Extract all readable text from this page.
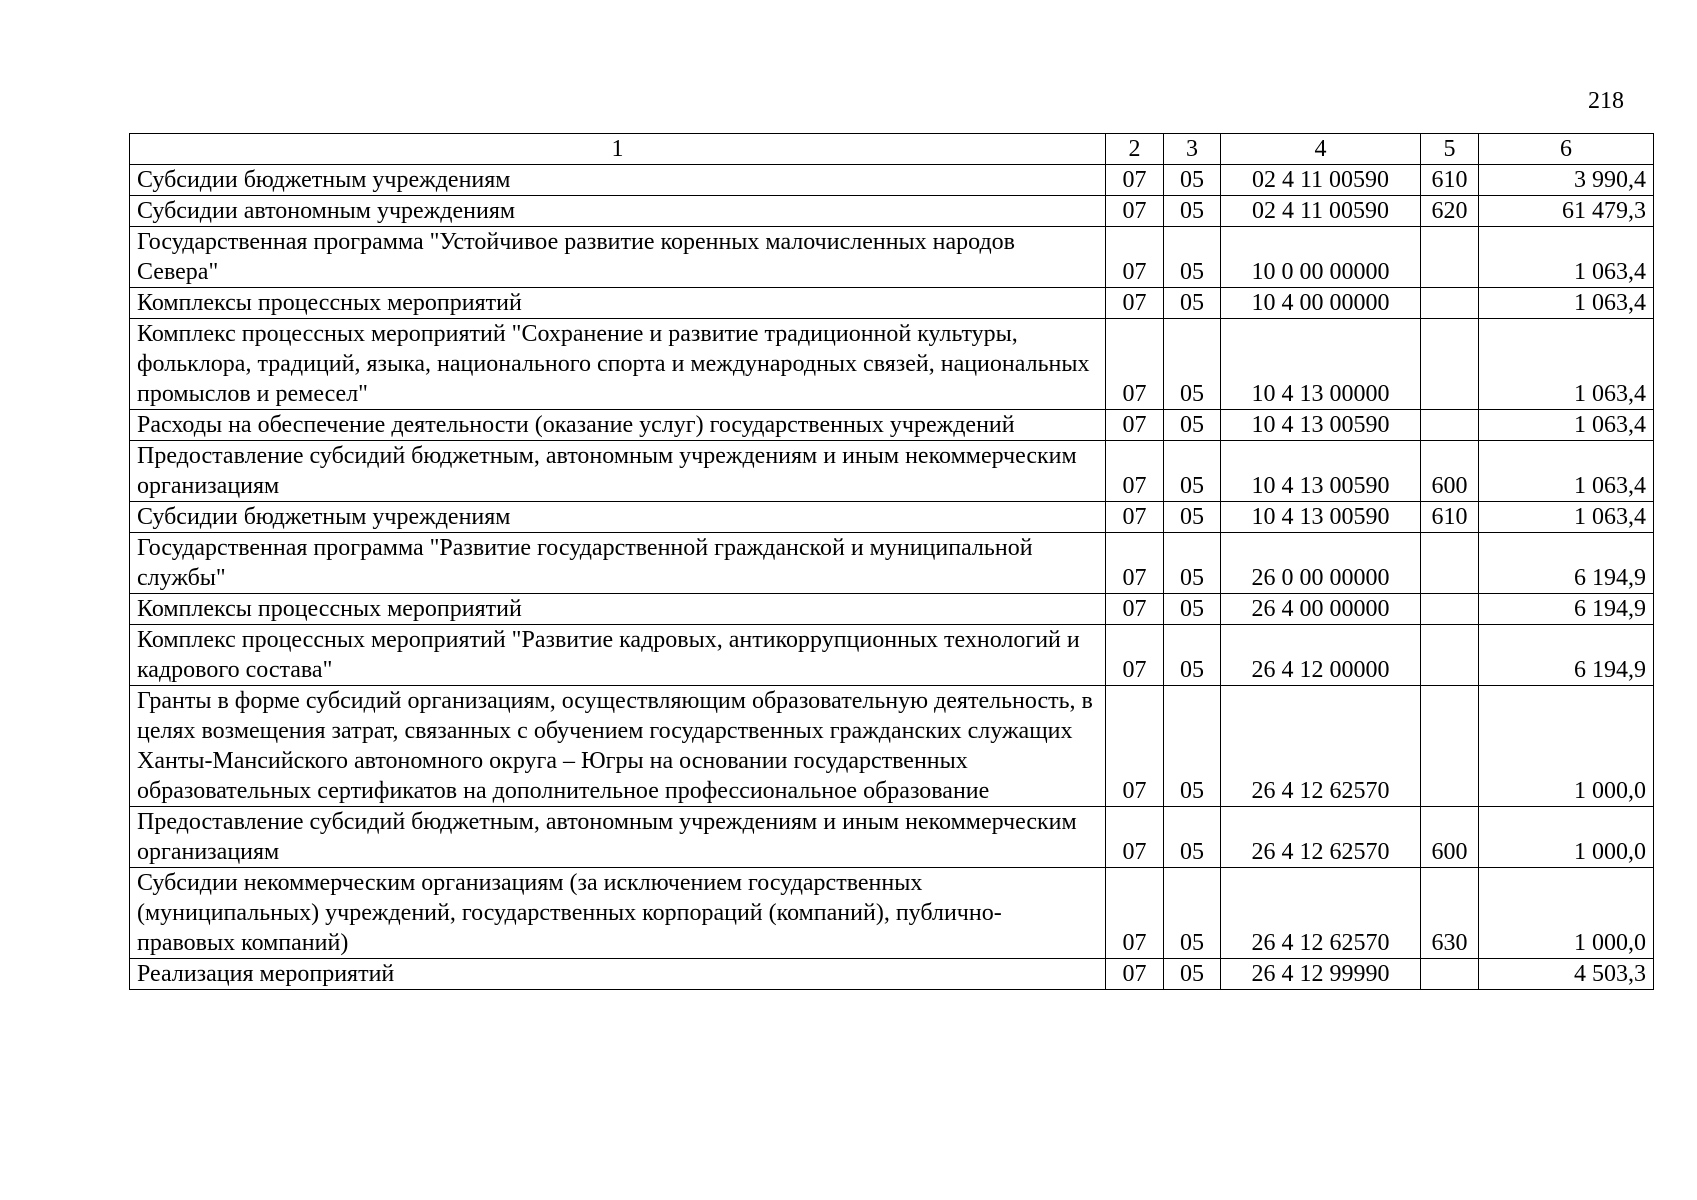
218
1	2	3	4	5	6
Субсидии бюджетным учреждениям	07	05	02 4 11 00590	610	3 990,4
Субсидии автономным учреждениям	07	05	02 4 11 00590	620	61 479,3
Государственная программа "Устойчивое развитие коренных малочисленных народов Севера"	07	05	10 0 00 00000		1 063,4
Комплексы процессных мероприятий	07	05	10 4 00 00000		1 063,4
Комплекс процессных мероприятий "Сохранение и развитие традиционной культуры, фольклора, традиций, языка, национального спорта и международных связей, национальных промыслов и ремесел"	07	05	10 4 13 00000		1 063,4
Расходы на обеспечение деятельности (оказание услуг) государственных учреждений	07	05	10 4 13 00590		1 063,4
Предоставление субсидий бюджетным, автономным учреждениям и иным некоммерческим организациям	07	05	10 4 13 00590	600	1 063,4
Субсидии бюджетным учреждениям	07	05	10 4 13 00590	610	1 063,4
Государственная программа "Развитие государственной гражданской и муниципальной службы"	07	05	26 0 00 00000		6 194,9
Комплексы процессных мероприятий	07	05	26 4 00 00000		6 194,9
Комплекс процессных мероприятий "Развитие кадровых, антикоррупционных технологий и кадрового состава"	07	05	26 4 12 00000		6 194,9
Гранты в форме субсидий организациям, осуществляющим образовательную деятельность, в целях возмещения затрат, связанных с обучением государственных гражданских служащих Ханты-Мансийского автономного округа – Югры на основании государственных образовательных сертификатов на дополнительное профессиональное образование	07	05	26 4 12 62570		1 000,0
Предоставление субсидий бюджетным, автономным учреждениям и иным некоммерческим организациям	07	05	26 4 12 62570	600	1 000,0
Субсидии некоммерческим организациям (за исключением государственных (муниципальных) учреждений, государственных корпораций (компаний), публично-правовых компаний)	07	05	26 4 12 62570	630	1 000,0
Реализация мероприятий	07	05	26 4 12 99990		4 503,3
